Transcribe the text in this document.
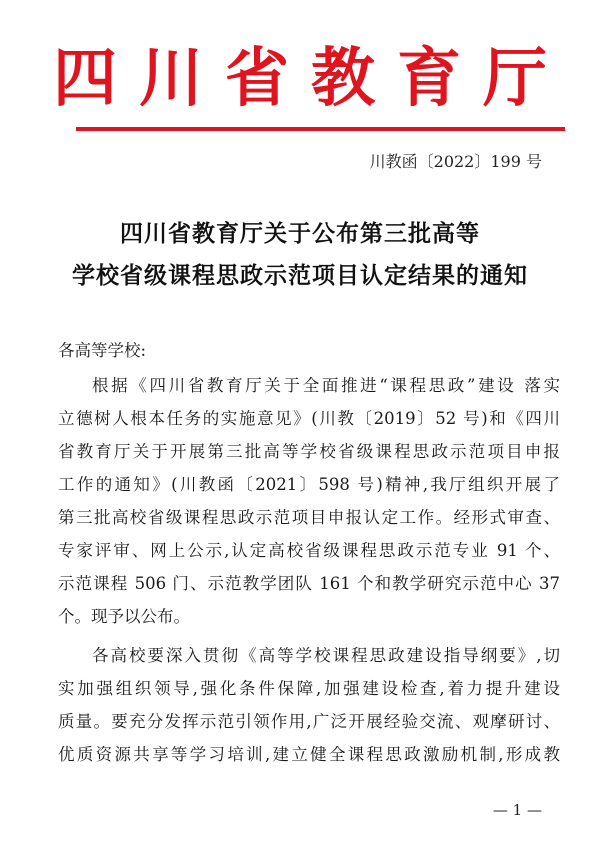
四川省教育厅
川教函〔2022〕199 号
四川省教育厅关于公布第三批高等
学校省级课程思政示范项目认定结果的通知
各高等学校:
根据《四川省教育厅关于全面推进“课程思政”建设 落实
立德树人根本任务的实施意见》(川教〔2019〕52 号)和《四川
省教育厅关于开展第三批高等学校省级课程思政示范项目申报
工作的通知》(川教函〔2021〕598 号)精神,我厅组织开展了
第三批高校省级课程思政示范项目申报认定工作。经形式审查、
专家评审、网上公示,认定高校省级课程思政示范专业 91 个、
示范课程 506 门、示范教学团队 161 个和教学研究示范中心 37
个。现予以公布。
各高校要深入贯彻《高等学校课程思政建设指导纲要》,切
实加强组织领导,强化条件保障,加强建设检查,着力提升建设
质量。要充分发挥示范引领作用,广泛开展经验交流、观摩研讨、
优质资源共享等学习培训,建立健全课程思政激励机制,形成教
— 1 —
